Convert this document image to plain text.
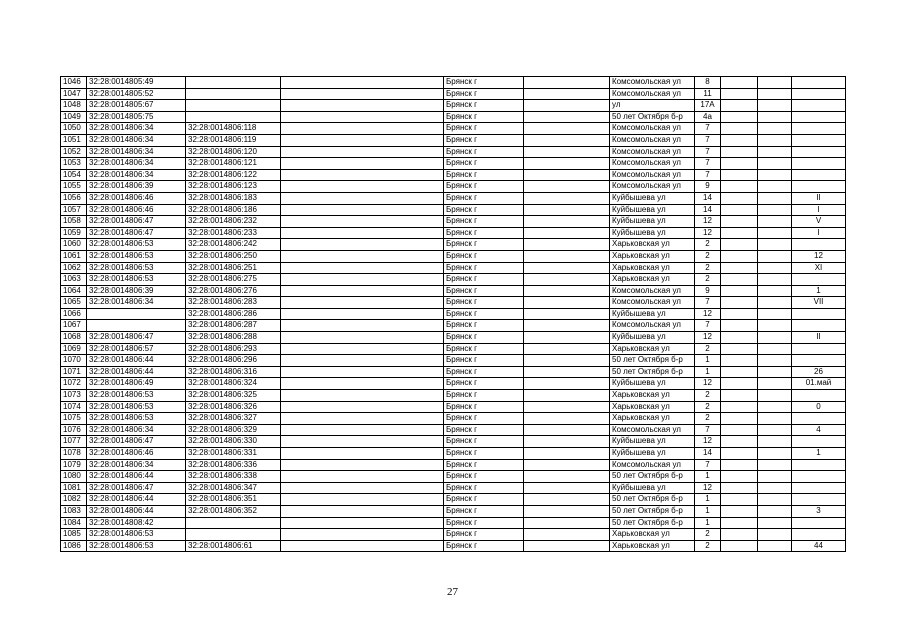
1046	32:28:0014805:49			Брянск г		Комсомольская ул	8			
1047	32:28:0014805:52			Брянск г		Комсомольская ул	11			
1048	32:28:0014805:67			Брянск г		ул	17А			
1049	32:28:0014805:75			Брянск г		50 лет Октября б-р	4а			
1050	32:28:0014806:34	32:28:0014806:118		Брянск г		Комсомольская ул	7			
1051	32:28:0014806:34	32:28:0014806:119		Брянск г		Комсомольская ул	7			
1052	32:28:0014806:34	32:28:0014806:120		Брянск г		Комсомольская ул	7			
1053	32:28:0014806:34	32:28:0014806:121		Брянск г		Комсомольская ул	7			
1054	32:28:0014806:34	32:28:0014806:122		Брянск г		Комсомольская ул	7			
1055	32:28:0014806:39	32:28:0014806:123		Брянск г		Комсомольская ул	9			
1056	32:28:0014806:46	32:28:0014806:183		Брянск г		Куйбышева ул	14			II
1057	32:28:0014806:46	32:28:0014806:186		Брянск г		Куйбышева ул	14			I
1058	32:28:0014806:47	32:28:0014806:232		Брянск г		Куйбышева ул	12			V
1059	32:28:0014806:47	32:28:0014806:233		Брянск г		Куйбышева ул	12			I
1060	32:28:0014806:53	32:28:0014806:242		Брянск г		Харьковская ул	2			
1061	32:28:0014806:53	32:28:0014806:250		Брянск г		Харьковская ул	2			12
1062	32:28:0014806:53	32:28:0014806:251		Брянск г		Харьковская ул	2			XI
1063	32:28:0014806:53	32:28:0014806:275		Брянск г		Харьковская ул	2			
1064	32:28:0014806:39	32:28:0014806:276		Брянск г		Комсомольская ул	9			1
1065	32:28:0014806:34	32:28:0014806:283		Брянск г		Комсомольская ул	7			VII
1066		32:28:0014806:286		Брянск г		Куйбышева ул	12			
1067		32:28:0014806:287		Брянск г		Комсомольская ул	7			
1068	32:28:0014806:47	32:28:0014806:288		Брянск г		Куйбышева ул	12			II
1069	32:28:0014806:57	32:28:0014806:293		Брянск г		Харьковская ул	2			
1070	32:28:0014806:44	32:28:0014806:296		Брянск г		50 лет Октября б-р	1			
1071	32:28:0014806:44	32:28:0014806:316		Брянск г		50 лет Октября б-р	1			26
1072	32:28:0014806:49	32:28:0014806:324		Брянск г		Куйбышева ул	12			01.май
1073	32:28:0014806:53	32:28:0014806:325		Брянск г		Харьковская ул	2			
1074	32:28:0014806:53	32:28:0014806:326		Брянск г		Харьковская ул	2			0
1075	32:28:0014806:53	32:28:0014806:327		Брянск г		Харьковская ул	2			
1076	32:28:0014806:34	32:28:0014806:329		Брянск г		Комсомольская ул	7			4
1077	32:28:0014806:47	32:28:0014806:330		Брянск г		Куйбышева ул	12			
1078	32:28:0014806:46	32:28:0014806:331		Брянск г		Куйбышева ул	14			1
1079	32:28:0014806:34	32:28:0014806:336		Брянск г		Комсомольская ул	7			
1080	32:28:0014806:44	32:28:0014806:338		Брянск г		50 лет Октября б-р	1			
1081	32:28:0014806:47	32:28:0014806:347		Брянск г		Куйбышева ул	12			
1082	32:28:0014806:44	32:28:0014806:351		Брянск г		50 лет Октября б-р	1			
1083	32:28:0014806:44	32:28:0014806:352		Брянск г		50 лет Октября б-р	1			3
1084	32:28:0014808:42			Брянск г		50 лет Октября б-р	1			
1085	32:28:0014806:53			Брянск г		Харьковская ул	2			
1086	32:28:0014806:53	32:28:0014806:61		Брянск г		Харьковская ул	2			44
27
